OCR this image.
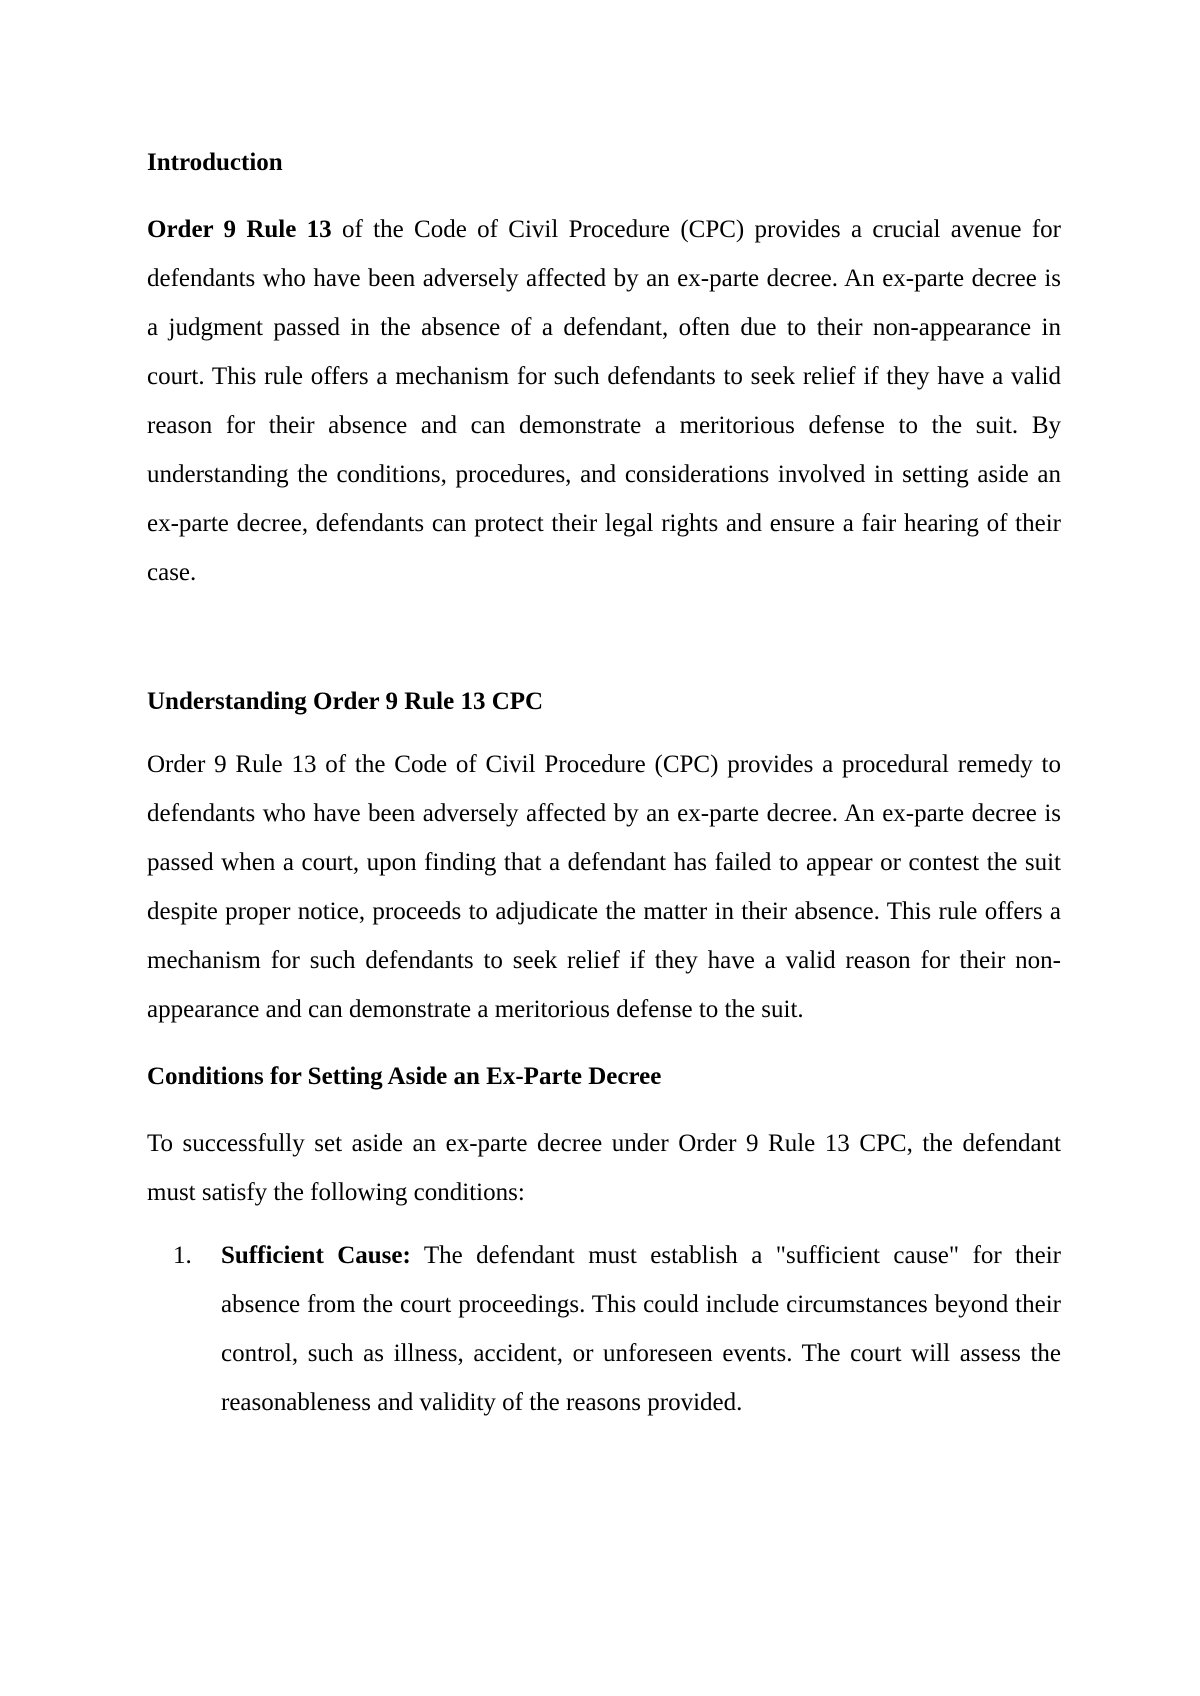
Introduction

Order 9 Rule 13 of the Code of Civil Procedure (CPC) provides a crucial avenue for defendants who have been adversely affected by an ex-parte decree. An ex-parte decree is a judgment passed in the absence of a defendant, often due to their non-appearance in court. This rule offers a mechanism for such defendants to seek relief if they have a valid reason for their absence and can demonstrate a meritorious defense to the suit. By understanding the conditions, procedures, and considerations involved in setting aside an ex-parte decree, defendants can protect their legal rights and ensure a fair hearing of their case.

Understanding Order 9 Rule 13 CPC

Order 9 Rule 13 of the Code of Civil Procedure (CPC) provides a procedural remedy to defendants who have been adversely affected by an ex-parte decree. An ex-parte decree is passed when a court, upon finding that a defendant has failed to appear or contest the suit despite proper notice, proceeds to adjudicate the matter in their absence. This rule offers a mechanism for such defendants to seek relief if they have a valid reason for their non-appearance and can demonstrate a meritorious defense to the suit.

Conditions for Setting Aside an Ex-Parte Decree

To successfully set aside an ex-parte decree under Order 9 Rule 13 CPC, the defendant must satisfy the following conditions:

1. Sufficient Cause: The defendant must establish a "sufficient cause" for their absence from the court proceedings. This could include circumstances beyond their control, such as illness, accident, or unforeseen events. The court will assess the reasonableness and validity of the reasons provided.
